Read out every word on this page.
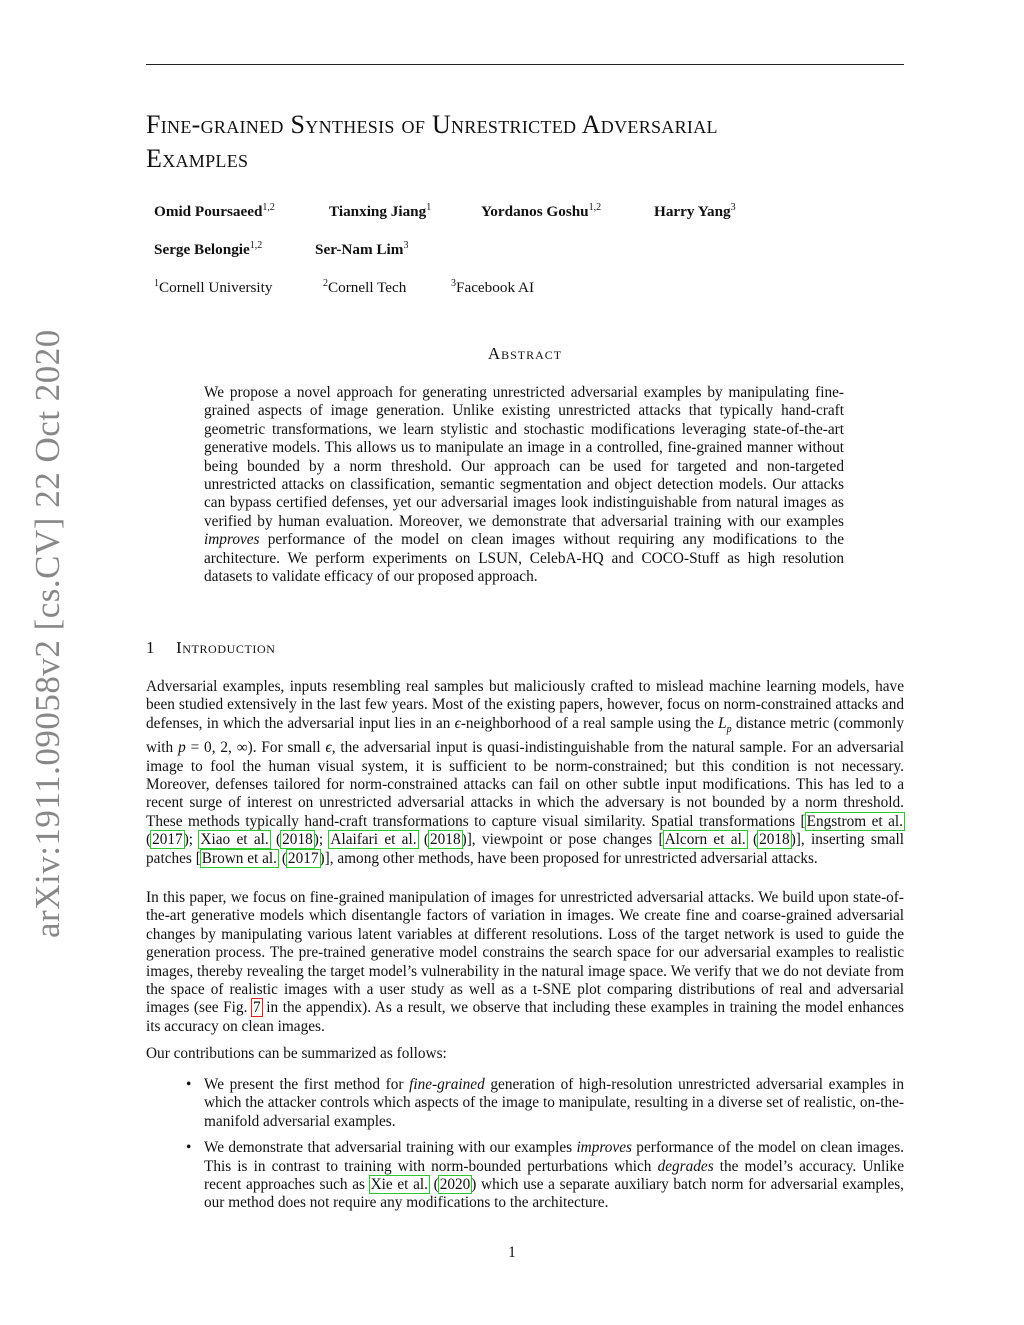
Fine-grained Synthesis of Unrestricted Adversarial
Examples
Omid Poursaeed$^{1,2}$	Tianxing Jiang$^1$	Yordanos Goshu$^{1,2}$	Harry Yang$^3$
Serge Belongie$^{1,2}$	Ser-Nam Lim$^3$
$^1$Cornell University	$^2$Cornell Tech	$^3$Facebook AI
arXiv:1911.09058v2 [cs.CV] 22 Oct 2020	Abstract

We propose a novel approach for generating unrestricted adversarial examples by manipulating fine-grained aspects of image generation. Unlike existing unrestricted attacks that typically hand-craft geometric transformations, we learn stylistic and stochastic modifications leveraging state-of-the-art generative models. This allows us to manipulate an image in a controlled, fine-grained manner without being bounded by a norm threshold. Our approach can be used for targeted and non-targeted unrestricted attacks on classification, semantic segmentation and object detection models. Our attacks can bypass certified defenses, yet our adversarial images look indistinguishable from natural images as verified by human evaluation. Moreover, we demonstrate that adversarial training with our examples improves performance of the model on clean images without requiring any modifications to the architecture. We perform experiments on LSUN, CelebA-HQ and COCO-Stuff as high resolution datasets to validate efficacy of our proposed approach.

1 Introduction

Adversarial examples, inputs resembling real samples but maliciously crafted to mislead machine learning models, have been studied extensively in the last few years. Most of the existing papers, however, focus on norm-constrained attacks and defenses, in which the adversarial input lies in an ϵ-neighborhood of a real sample using the $L_p$ distance metric (commonly with p = 0, 2, ∞). For small ϵ, the adversarial input is quasi-indistinguishable from the natural sample. For an adversarial image to fool the human visual system, it is sufficient to be norm-constrained; but this condition is not necessary. Moreover, defenses tailored for norm-constrained attacks can fail on other subtle input modifications. This has led to a recent surge of interest on unrestricted adversarial attacks in which the adversary is not bounded by a norm threshold. These methods typically hand-craft transformations to capture visual similarity. Spatial transformations [Engstrom et al. (2017); Xiao et al. (2018); Alaifari et al. (2018)], viewpoint or pose changes [Alcorn et al. (2018)], inserting small patches [Brown et al. (2017)], among other methods, have been proposed for unrestricted adversarial attacks.

In this paper, we focus on fine-grained manipulation of images for unrestricted adversarial attacks. We build upon state-of-the-art generative models which disentangle factors of variation in images. We create fine and coarse-grained adversarial changes by manipulating various latent variables at different resolutions. Loss of the target network is used to guide the generation process. The pre-trained generative model constrains the search space for our adversarial examples to realistic images, thereby revealing the target model’s vulnerability in the natural image space. We verify that we do not deviate from the space of realistic images with a user study as well as a t-SNE plot comparing distributions of real and adversarial images (see Fig. 7 in the appendix). As a result, we observe that including these examples in training the model enhances its accuracy on clean images.

Our contributions can be summarized as follows:

• We present the first method for fine-grained generation of high-resolution unrestricted adversarial examples in which the attacker controls which aspects of the image to manipulate, resulting in a diverse set of realistic, on-the-manifold adversarial examples.
• We demonstrate that adversarial training with our examples improves performance of the model on clean images. This is in contrast to training with norm-bounded perturbations which degrades the model’s accuracy. Unlike recent approaches such as Xie et al. (2020) which use a separate auxiliary batch norm for adversarial examples, our method does not require any modifications to the architecture.
1
